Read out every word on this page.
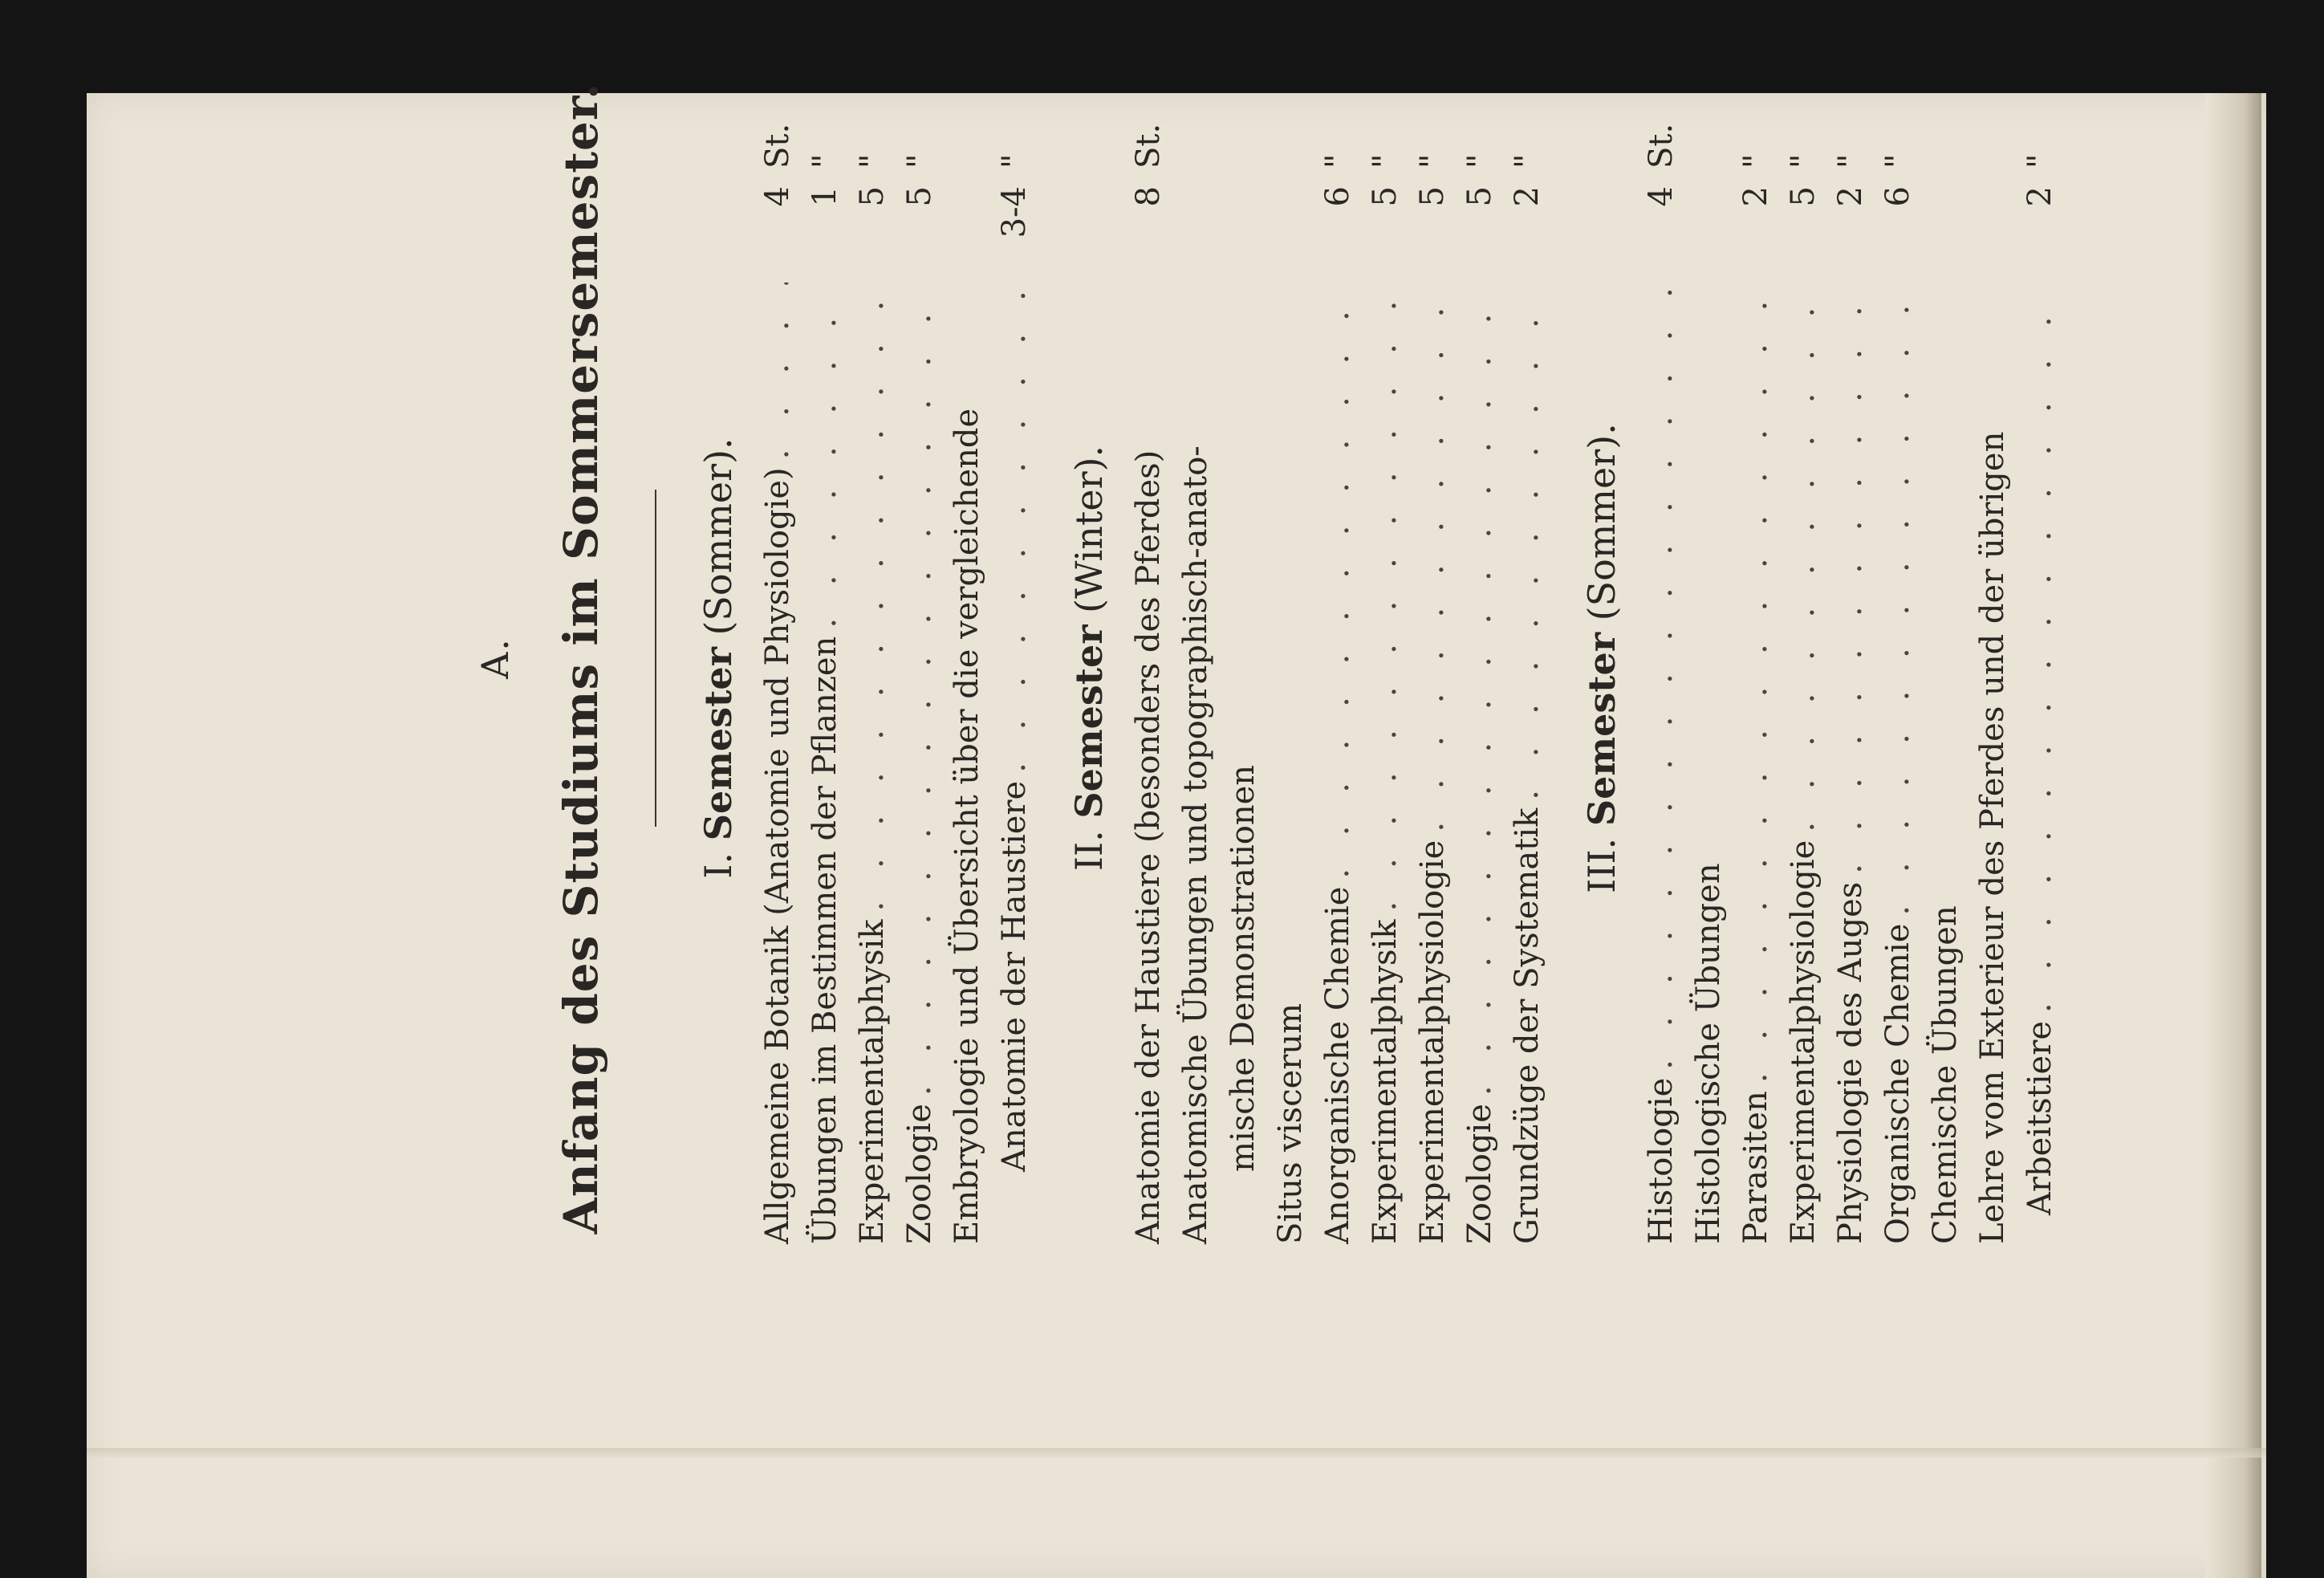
A. Anfang des Studiums im Sommersemester. I. Semester (Sommer). Allgemeine Botanik (Anatomie und Physiologie)
. . .
4
St.
Übungen im Bestimmen der Pflanzen
. . .
1
"
Experimentalphysik
. . .
5
"
Zoologie
. . .
5
"
Embryologie und Übersicht über die vergleichende Anatomie der Haustiere
. . .
3-4
"
II. Semester (Winter). Anatomie der Haustiere (besonders des Pferdes)
8
St.
Anatomische Übungen und topographisch-anato- mische Demonstrationen Situs viscerum Anorganische Chemie
. . .
6
"
Experimentalphysik
. . .
5
"
Experimentalphysiologie
. . .
5
"
Zoologie
. . .
5
"
Grundzüge der Systematik
. . .
2
"
III. Semester (Sommer).
Histologie
. . .
4
St.
Histologische Übungen Parasiten
. . .
2
"
Experimentalphysiologie
. . .
5
"
Physiologie des Auges
. . .
2
"
Organische Chemie
. . .
6
"
Chemische Übungen Lehre vom Exterieur des Pferdes und der übrigen Arbeitstiere
. . .
2
"
